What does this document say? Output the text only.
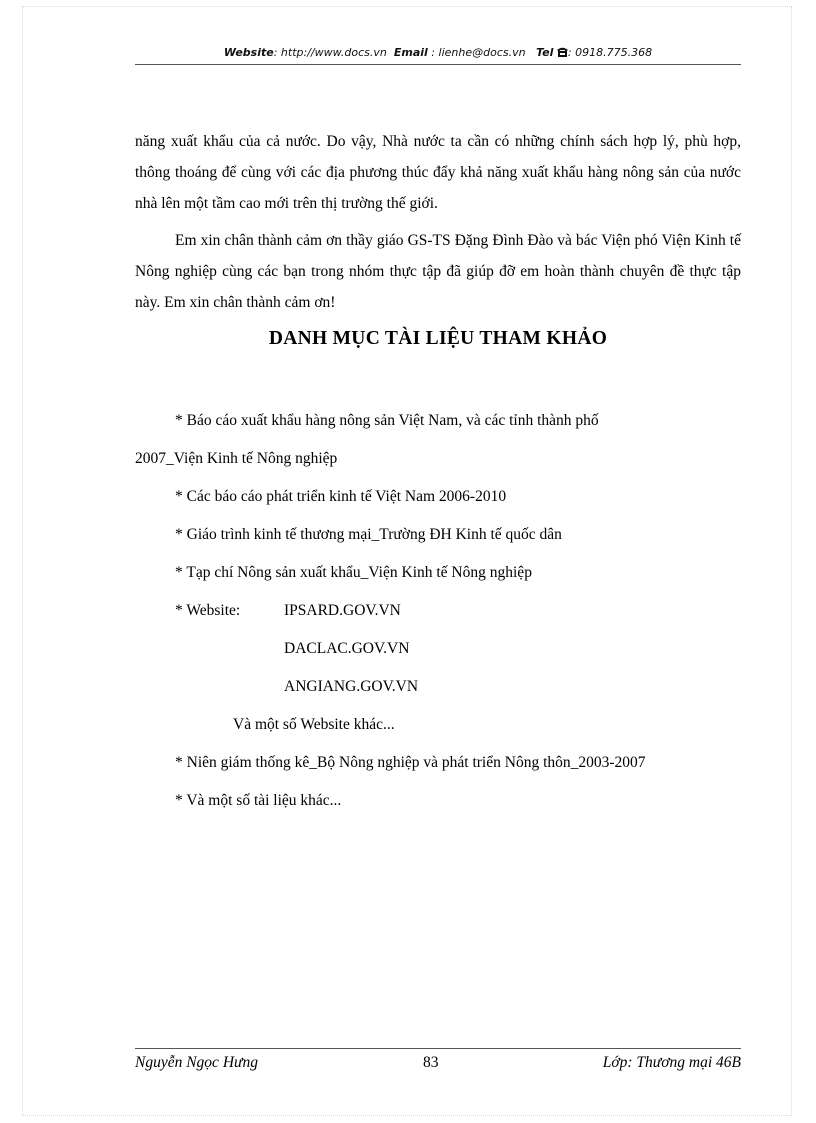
Website: http://www.docs.vn Email : lienhe@docs.vn Tel : 0918.775.368

năng xuất khẩu của cả nước. Do vậy, Nhà nước ta cần có những chính sách hợp lý, phù hợp, thông thoáng để cùng với các địa phương thúc đẩy khả năng xuất khẩu hàng nông sản của nước nhà lên một tầm cao mới trên thị trường thế giới.

Em xin chân thành cảm ơn thầy giáo GS-TS Đặng Đình Đào và bác Viện phó Viện Kinh tế Nông nghiệp cùng các bạn trong nhóm thực tập đã giúp đỡ em hoàn thành chuyên đề thực tập này. Em xin chân thành cảm ơn!

DANH MỤC TÀI LIỆU THAM KHẢO
* Báo cáo xuất khẩu hàng nông sản Việt Nam, và các tỉnh thành phố
2007_Viện Kinh tế Nông nghiệp
* Các báo cáo phát triển kinh tế Việt Nam 2006-2010
* Giáo trình kinh tế thương mại_Trường ĐH Kinh tế quốc dân
* Tạp chí Nông sản xuất khẩu_Viện Kinh tế Nông nghiệp
* Website:	IPSARD.GOV.VN
DACLAC.GOV.VN
ANGIANG.GOV.VN
Và một số Website khác...
* Niên giám thống kê_Bộ Nông nghiệp và phát triển Nông thôn_2003-2007
* Và một số tài liệu khác...
Nguyễn Ngọc Hưng	83	Lớp: Thương mại 46B
